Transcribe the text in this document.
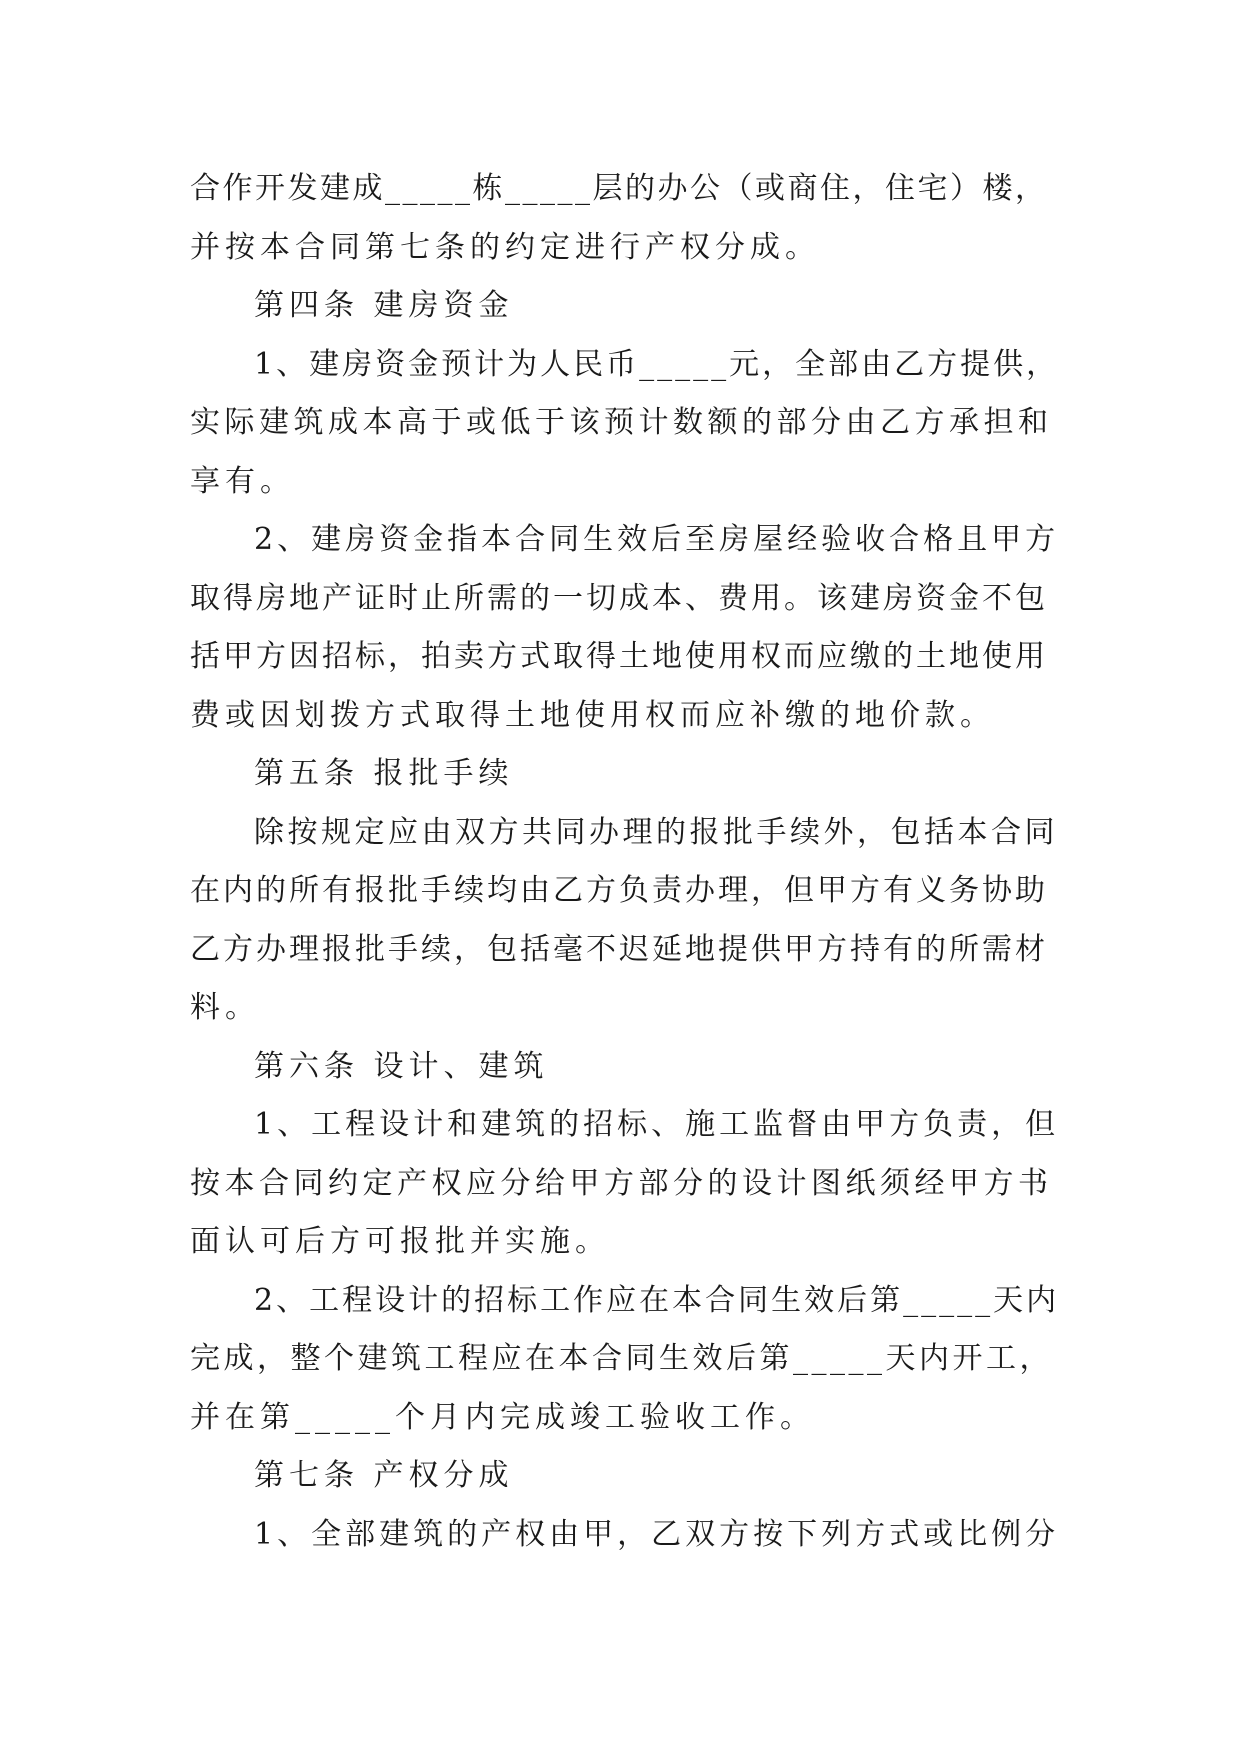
合作开发建成_____栋_____层的办公（或商住，住宅）楼，
并按本合同第七条的约定进行产权分成。
第四条 建房资金
1、建房资金预计为人民币_____元，全部由乙方提供，
实际建筑成本高于或低于该预计数额的部分由乙方承担和
享有。
2、建房资金指本合同生效后至房屋经验收合格且甲方
取得房地产证时止所需的一切成本、费用。该建房资金不包
括甲方因招标，拍卖方式取得土地使用权而应缴的土地使用
费或因划拨方式取得土地使用权而应补缴的地价款。
第五条 报批手续
除按规定应由双方共同办理的报批手续外，包括本合同
在内的所有报批手续均由乙方负责办理，但甲方有义务协助
乙方办理报批手续，包括毫不迟延地提供甲方持有的所需材
料。
第六条 设计、建筑
1、工程设计和建筑的招标、施工监督由甲方负责，但
按本合同约定产权应分给甲方部分的设计图纸须经甲方书
面认可后方可报批并实施。
2、工程设计的招标工作应在本合同生效后第_____天内
完成，整个建筑工程应在本合同生效后第_____天内开工，
并在第_____个月内完成竣工验收工作。
第七条 产权分成
1、全部建筑的产权由甲，乙双方按下列方式或比例分
